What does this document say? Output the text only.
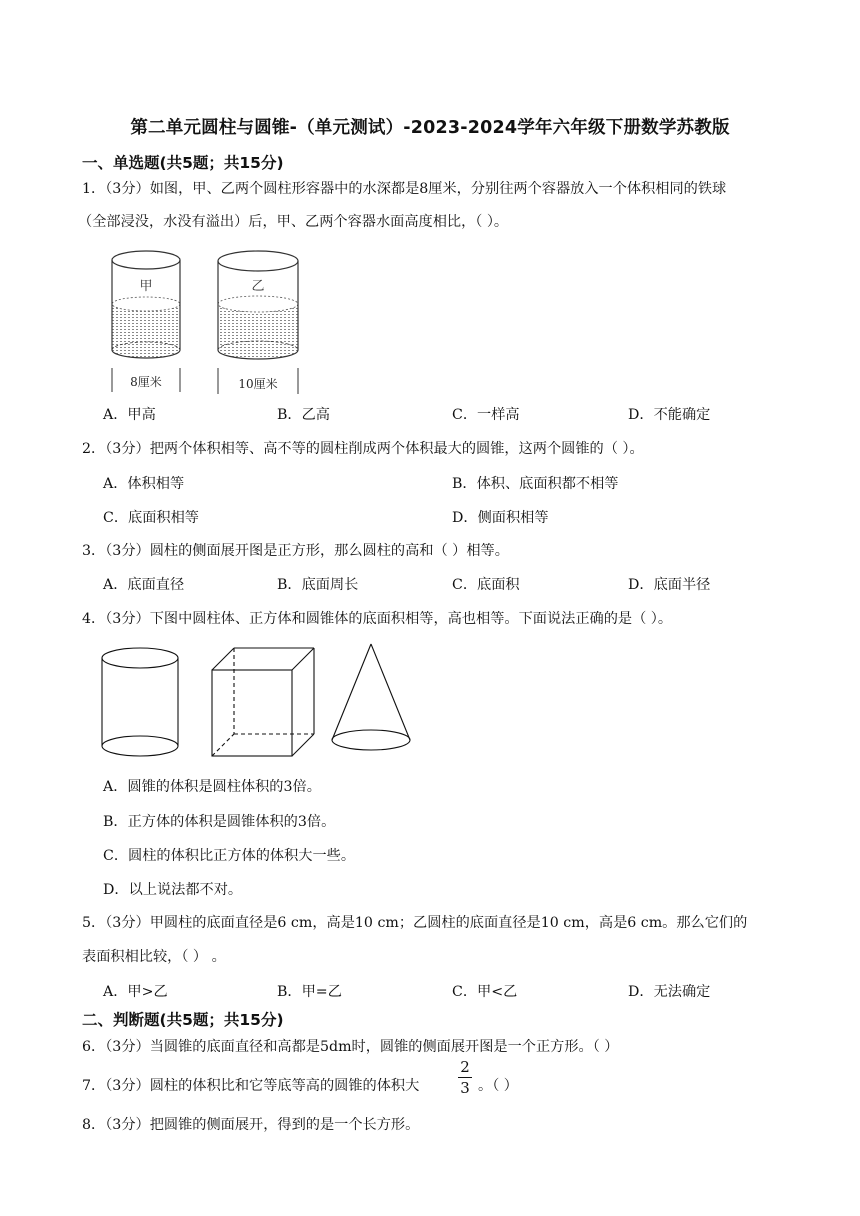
第二单元圆柱与圆锥-（单元测试）-2023-2024学年六年级下册数学苏教版
一、单选题(共5题；共15分)
1．（3分）如图，甲、乙两个圆柱形容器中的水深都是8厘米，分别往两个容器放入一个体积相同的铁球
（全部浸没，水没有溢出）后，甲、乙两个容器水面高度相比，（ ）。
甲
8厘米
乙
10厘米
A．甲高	B．乙高	C．一样高	D．不能确定
2．（3分）把两个体积相等、高不等的圆柱削成两个体积最大的圆锥，这两个圆锥的（ ）。
A．体积相等	B．体积、底面积都不相等
C．底面积相等	D．侧面积相等
3．（3分）圆柱的侧面展开图是正方形，那么圆柱的高和（ ）相等。
A．底面直径	B．底面周长	C．底面积	D．底面半径
4．（3分）下图中圆柱体、正方体和圆锥体的底面积相等，高也相等。下面说法正确的是（ ）。
A．圆锥的体积是圆柱体积的3倍。
B．正方体的体积是圆锥体积的3倍。
C．圆柱的体积比正方体的体积大一些。
D．以上说法都不对。
5．（3分）甲圆柱的底面直径是6 cm，高是10 cm；乙圆柱的底面直径是10 cm，高是6 cm。那么它们的
表面积相比较，（ ） 。
A．甲>乙	B．甲=乙	C．甲<乙	D．无法确定
二、判断题(共5题；共15分)
6．（3分）当圆锥的底面直径和高都是5dm时，圆锥的侧面展开图是一个正方形。（ ）
7．（3分）圆柱的体积比和它等底等高的圆锥的体积大
2
3 。（ ）
8．（3分）把圆锥的侧面展开，得到的是一个长方形。
